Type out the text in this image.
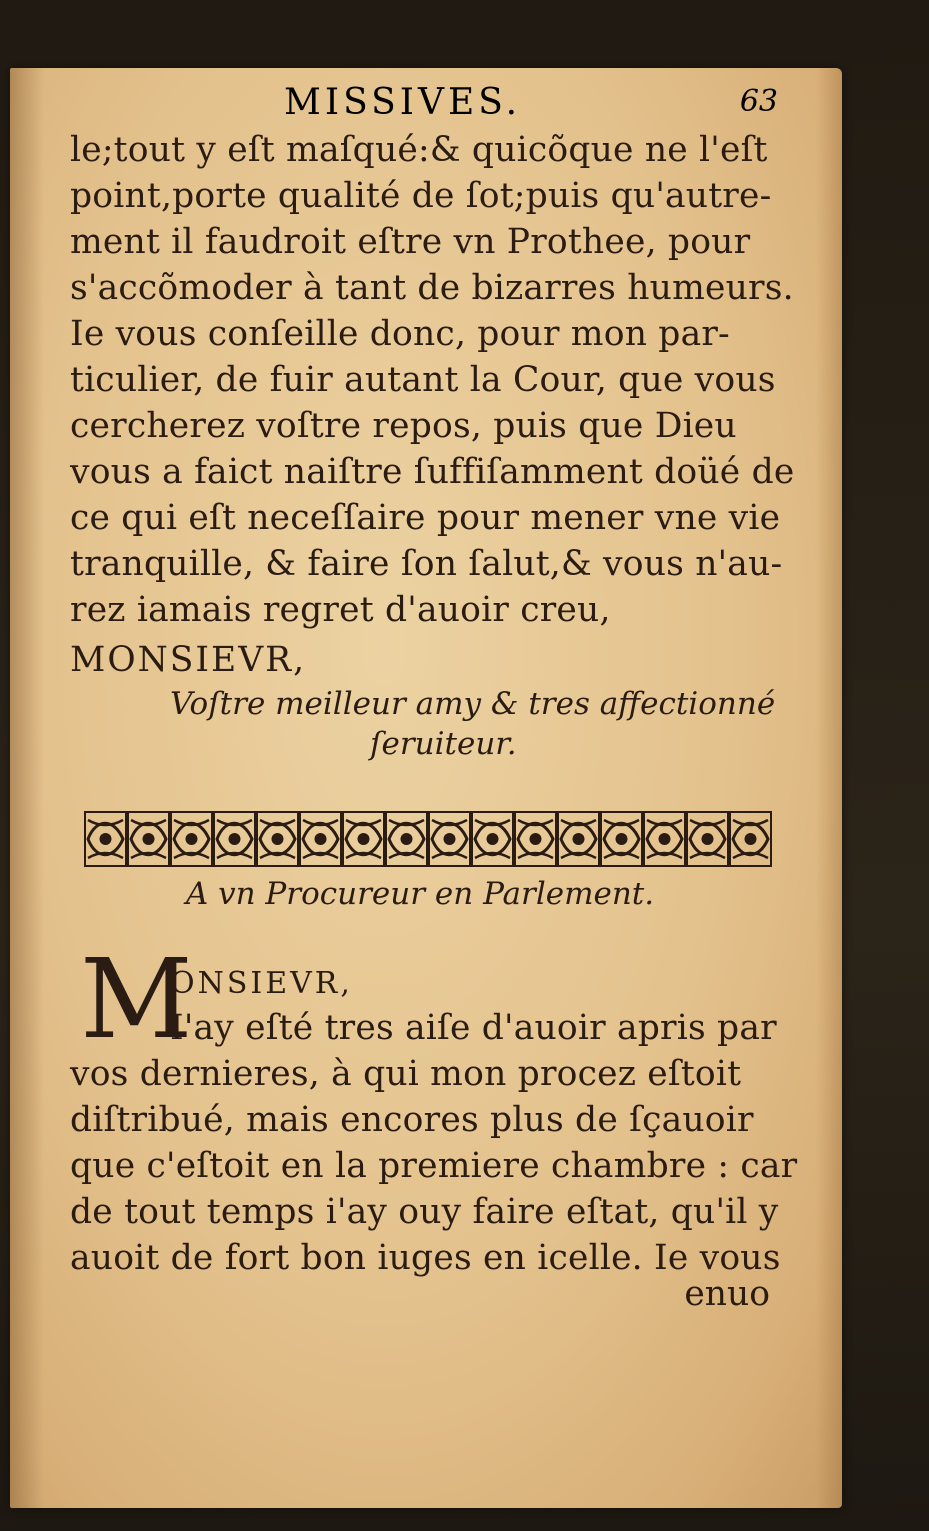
MISSIVES.	63
le;tout y eſt maſqué:& quicõque ne l'eſt
point,porte qualité de ſot;puis qu'autre-
ment il faudroit eſtre vn Prothee, pour
s'accõmoder à tant de bizarres humeurs.
Ie vous conſeille donc, pour mon par-
ticulier, de fuir autant la Cour, que vous
cercherez voſtre repos, puis que Dieu
vous a faict naiſtre ſuffiſamment doüé de
ce qui eſt neceſſaire pour mener vne vie
tranquille, & faire ſon ſalut,& vous n'au-
rez iamais regret d'auoir creu,
MONSIEVR,
Voſtre meilleur amy & tres affectionné
ſeruiteur.
A vn Procureur en Parlement.
M
ONSIEVR,
I'ay eſté tres aiſe d'auoir apris par
vos dernieres, à qui mon procez eſtoit
diſtribué, mais encores plus de ſçauoir
que c'eſtoit en la premiere chambre : car
de tout temps i'ay ouy faire eſtat, qu'il y
auoit de fort bon iuges en icelle. Ie vous
enuo
